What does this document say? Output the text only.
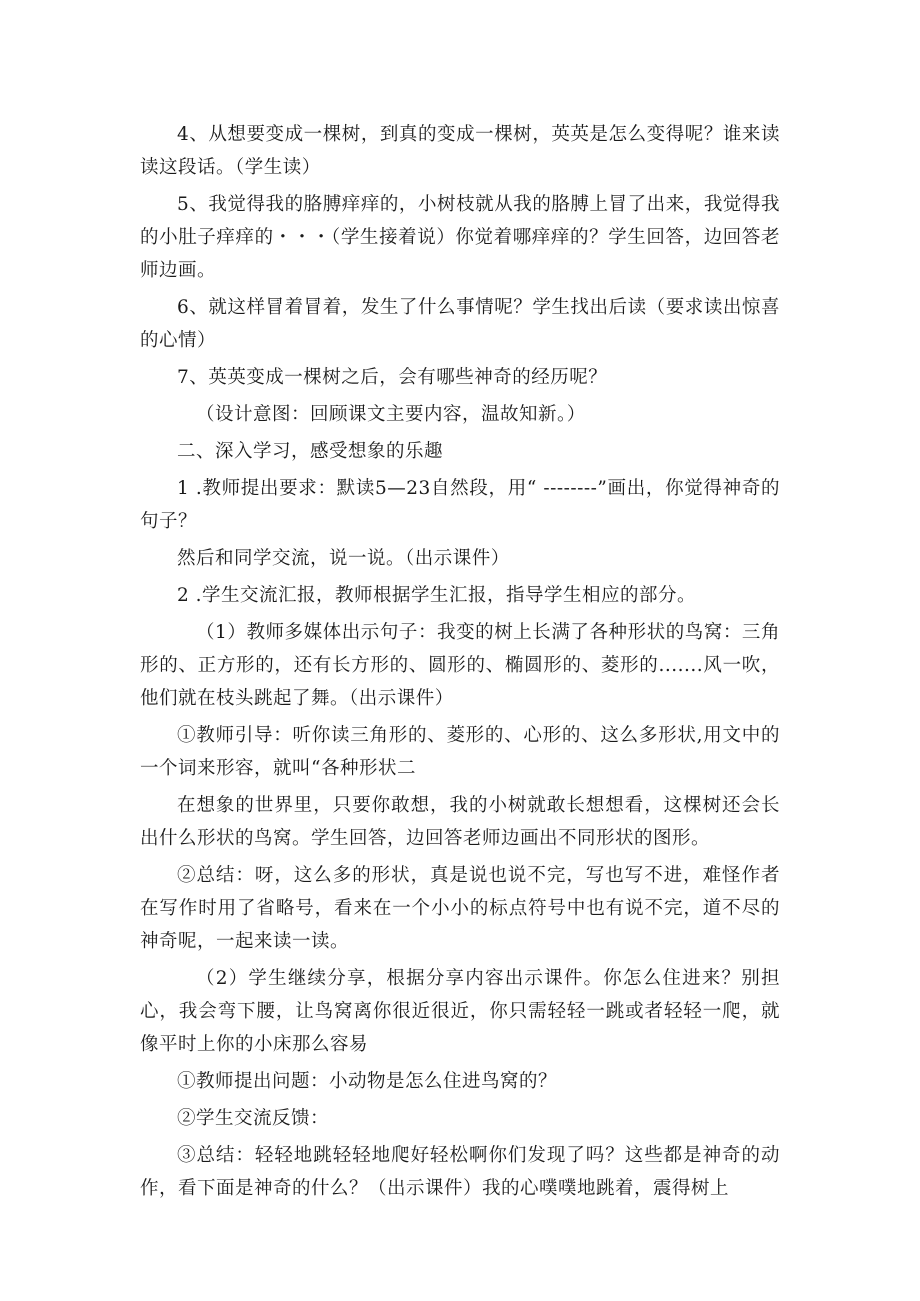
4、从想要变成一棵树，到真的变成一棵树，英英是怎么变得呢？谁来读读这段话。（学生读）

5、我觉得我的胳膊痒痒的，小树枝就从我的胳膊上冒了出来，我觉得我的小肚子痒痒的・・・（学生接着说）你觉着哪痒痒的？学生回答，边回答老师边画。

6、就这样冒着冒着，发生了什么事情呢？学生找出后读（要求读出惊喜的心情）

7、英英变成一棵树之后，会有哪些神奇的经历呢？

（设计意图：回顾课文主要内容，温故知新。）

二、深入学习，感受想象的乐趣

1 .教师提出要求：默读5—23自然段，用“ --------”画出，你觉得神奇的句子？

然后和同学交流，说一说。（出示课件）

2 .学生交流汇报，教师根据学生汇报，指导学生相应的部分。

（1）教师多媒体出示句子：我变的树上长满了各种形状的鸟窝：三角形的、正方形的，还有长方形的、圆形的、椭圆形的、菱形的.......风一吹，他们就在枝头跳起了舞。（出示课件）

①教师引导：听你读三角形的、菱形的、心形的、这么多形状,用文中的一个词来形容，就叫“各种形状二

在想象的世界里，只要你敢想，我的小树就敢长想想看，这棵树还会长出什么形状的鸟窝。学生回答，边回答老师边画出不同形状的图形。

②总结：呀，这么多的形状，真是说也说不完，写也写不进，难怪作者在写作时用了省略号，看来在一个小小的标点符号中也有说不完，道不尽的神奇呢，一起来读一读。

（2）学生继续分享，根据分享内容出示课件。你怎么住进来？别担心，我会弯下腰，让鸟窝离你很近很近，你只需轻轻一跳或者轻轻一爬，就像平时上你的小床那么容易

①教师提出问题：小动物是怎么住进鸟窝的？

②学生交流反馈：

③总结：轻轻地跳轻轻地爬好轻松啊你们发现了吗？这些都是神奇的动作，看下面是神奇的什么？（出示课件）我的心噗噗地跳着，震得树上
